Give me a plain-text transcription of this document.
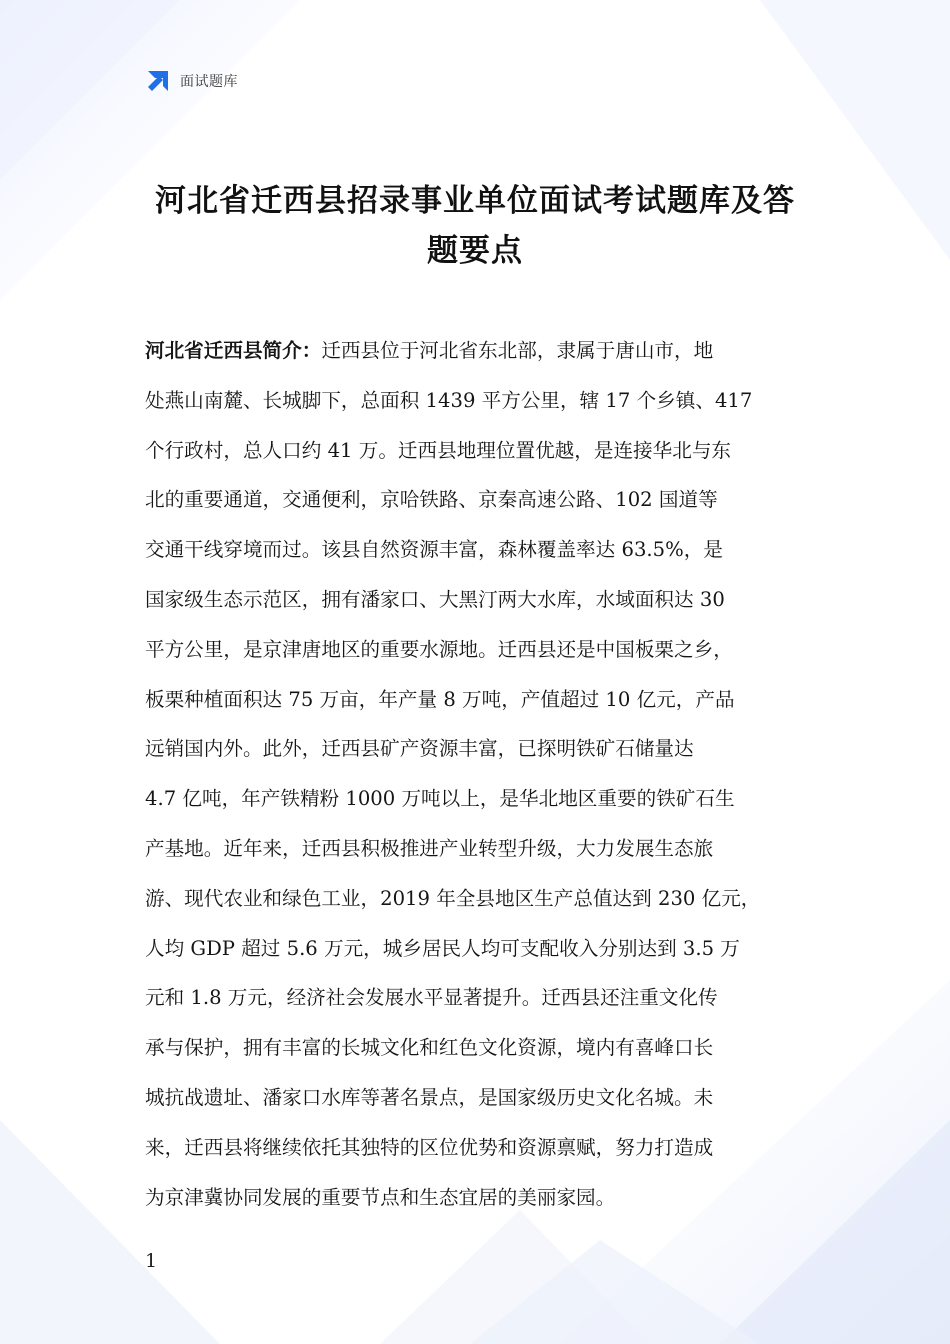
面试题库
河北省迁西县招录事业单位面试考试题库及答
题要点

河北省迁西县简介：迁西县位于河北省东北部，隶属于唐山市，地
处燕山南麓、长城脚下，总面积 1439 平方公里，辖 17 个乡镇、417
个行政村，总人口约 41 万。迁西县地理位置优越，是连接华北与东
北的重要通道，交通便利，京哈铁路、京秦高速公路、102 国道等
交通干线穿境而过。该县自然资源丰富，森林覆盖率达 63.5%，是
国家级生态示范区，拥有潘家口、大黑汀两大水库，水域面积达 30
平方公里，是京津唐地区的重要水源地。迁西县还是中国板栗之乡，
板栗种植面积达 75 万亩，年产量 8 万吨，产值超过 10 亿元，产品
远销国内外。此外，迁西县矿产资源丰富，已探明铁矿石储量达
4.7 亿吨，年产铁精粉 1000 万吨以上，是华北地区重要的铁矿石生
产基地。近年来，迁西县积极推进产业转型升级，大力发展生态旅
游、现代农业和绿色工业，2019 年全县地区生产总值达到 230 亿元，
人均 GDP 超过 5.6 万元，城乡居民人均可支配收入分别达到 3.5 万
元和 1.8 万元，经济社会发展水平显著提升。迁西县还注重文化传
承与保护，拥有丰富的长城文化和红色文化资源，境内有喜峰口长
城抗战遗址、潘家口水库等著名景点，是国家级历史文化名城。未
来，迁西县将继续依托其独特的区位优势和资源禀赋，努力打造成
为京津冀协同发展的重要节点和生态宜居的美丽家园。

1
